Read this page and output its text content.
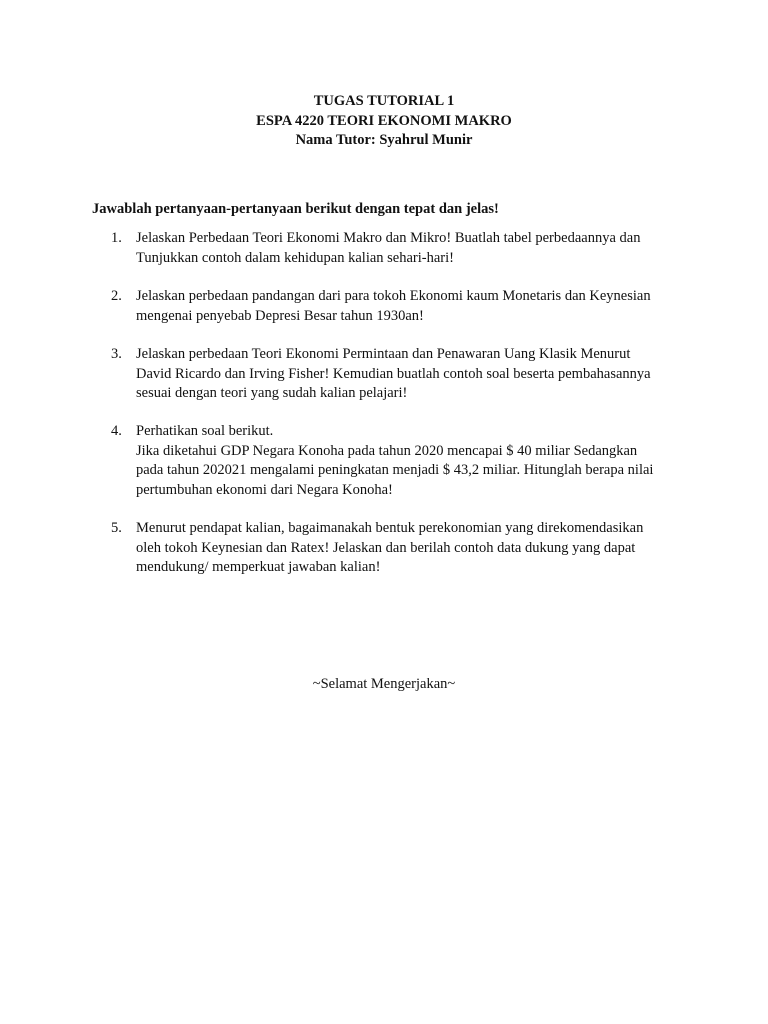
TUGAS TUTORIAL 1
ESPA 4220 TEORI EKONOMI MAKRO
Nama Tutor: Syahrul Munir
Jawablah pertanyaan-pertanyaan berikut dengan tepat dan jelas!
1. Jelaskan Perbedaan Teori Ekonomi Makro dan Mikro! Buatlah tabel perbedaannya dan
Tunjukkan contoh dalam kehidupan kalian sehari-hari!
2. Jelaskan perbedaan pandangan dari para tokoh Ekonomi kaum Monetaris dan Keynesian
mengenai penyebab Depresi Besar tahun 1930an!
3. Jelaskan perbedaan Teori Ekonomi Permintaan dan Penawaran Uang Klasik Menurut
David Ricardo dan Irving Fisher! Kemudian buatlah contoh soal beserta pembahasannya
sesuai dengan teori yang sudah kalian pelajari!
4. Perhatikan soal berikut.
Jika diketahui GDP Negara Konoha pada tahun 2020 mencapai $ 40 miliar Sedangkan
pada tahun 202021 mengalami peningkatan menjadi $ 43,2 miliar. Hitunglah berapa nilai
pertumbuhan ekonomi dari Negara Konoha!
5. Menurut pendapat kalian, bagaimanakah bentuk perekonomian yang direkomendasikan
oleh tokoh Keynesian dan Ratex! Jelaskan dan berilah contoh data dukung yang dapat
mendukung/ memperkuat jawaban kalian!
~Selamat Mengerjakan~
